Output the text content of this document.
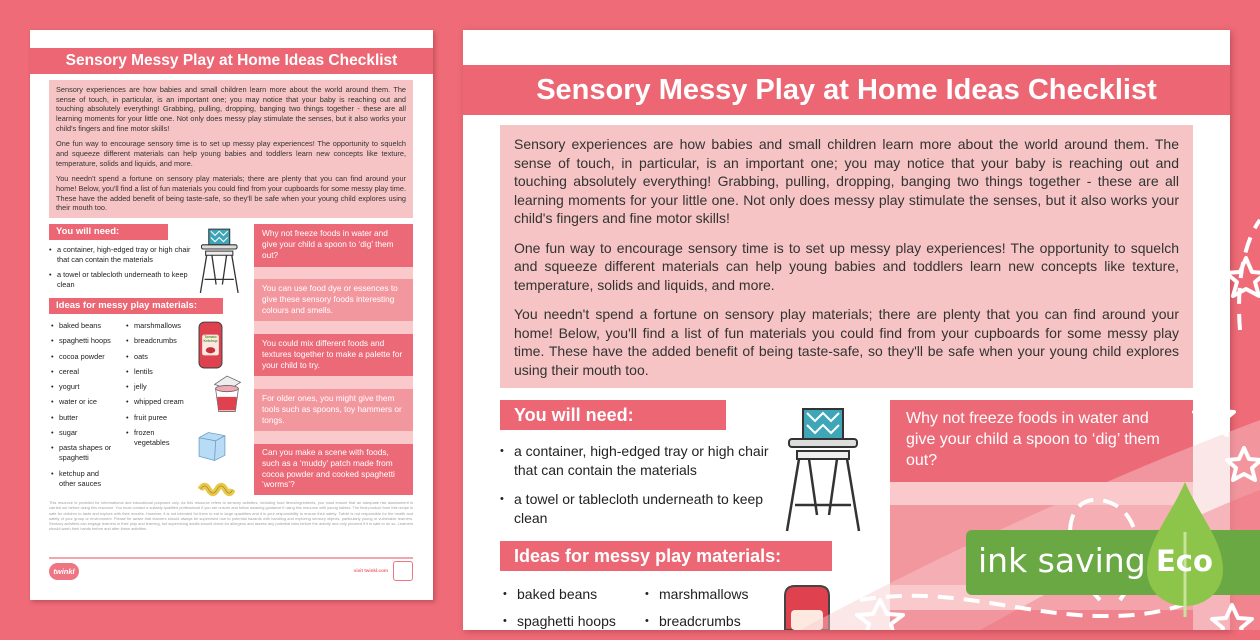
Sensory Messy Play at Home Ideas Checklist

Sensory experiences are how babies and small children learn more about the world around them. The sense of touch, in particular, is an important one; you may notice that your baby is reaching out and touching absolutely everything! Grabbing, pulling, dropping, banging two things together - these are all learning moments for your little one. Not only does messy play stimulate the senses, but it also works your child's fingers and fine motor skills!

One fun way to encourage sensory time is to set up messy play experiences! The opportunity to squelch and squeeze different materials can help young babies and toddlers learn new concepts like texture, temperature, solids and liquids, and more.

You needn't spend a fortune on sensory play materials; there are plenty that you can find around your home! Below, you'll find a list of fun materials you could find from your cupboards for some messy play time. These have the added benefit of being taste-safe, so they'll be safe when your young child explores using their mouth too.

You will need:
• a container, high-edged tray or high chair that can contain the materials
• a towel or tablecloth underneath to keep clean
Why not freeze foods in water and give your child a spoon to ‘dig’ them out?
You can use food dye or essences to give these sensory foods interesting colours and smells.
You could mix different foods and textures together to make a palette for your child to try.
For older ones, you might give them tools such as spoons, toy hammers or tongs.
Can you make a scene with foods, such as a ‘muddy’ patch made from cocoa powder and cooked spaghetti ‘worms’?
Ideas for messy play materials:
• baked beans
• spaghetti hoops
• cocoa powder
• cereal
• yogurt
• water or ice
• butter
• sugar
• pasta shapes or spaghetti
• ketchup and other sauces
• marshmallows
• breadcrumbs
• oats
• lentils
• jelly
• whipped cream
• fruit puree
• frozen vegetables
Tomato Ketchup
This resource is provided for informational and educational purposes only. As this resource refers to sensory activities, including food items/ingredients, you must ensure that an adequate risk assessment is carried out before using this resource. You must contact a suitably qualified professional if you are unsure and follow weaning guidance if using this resource with young babies. The final product from this recipe is safe for children to taste and explore with their mouths. However, it is not intended for them to eat in large quantities and it is your responsibility to ensure their safety. Twinkl is not responsible for the health and safety of your group or environment. Please be aware that learners should always be supervised due to potential hazards with handling and exploring sensory objects, particularly young or vulnerable learners. Sensory activities can engage learners in their play and learning, but supervising adults should check for allergens and assess any potential risks before the activity and only proceed if it is safe to do so. Learners should wash their hands before and after these activities.
twinkl	visit twinkl.com
Sensory Messy Play at Home Ideas Checklist

Sensory experiences are how babies and small children learn more about the world around them. The sense of touch, in particular, is an important one; you may notice that your baby is reaching out and touching absolutely everything! Grabbing, pulling, dropping, banging two things together - these are all learning moments for your little one. Not only does messy play stimulate the senses, but it also works your child's fingers and fine motor skills!

One fun way to encourage sensory time is to set up messy play experiences! The opportunity to squelch and squeeze different materials can help young babies and toddlers learn new concepts like texture, temperature, solids and liquids, and more.

You needn't spend a fortune on sensory play materials; there are plenty that you can find around your home! Below, you'll find a list of fun materials you could find from your cupboards for some messy play time. These have the added benefit of being taste-safe, so they'll be safe when your young child explores using their mouth too.

You will need:
• a container, high-edged tray or high chair that can contain the materials
• a towel or tablecloth underneath to keep clean
Why not freeze foods in water and give your child a spoon to ‘dig’ them out?
Ideas for messy play materials:
• baked beans
• spaghetti hoops
• marshmallows
• breadcrumbs
ink saving Eco
